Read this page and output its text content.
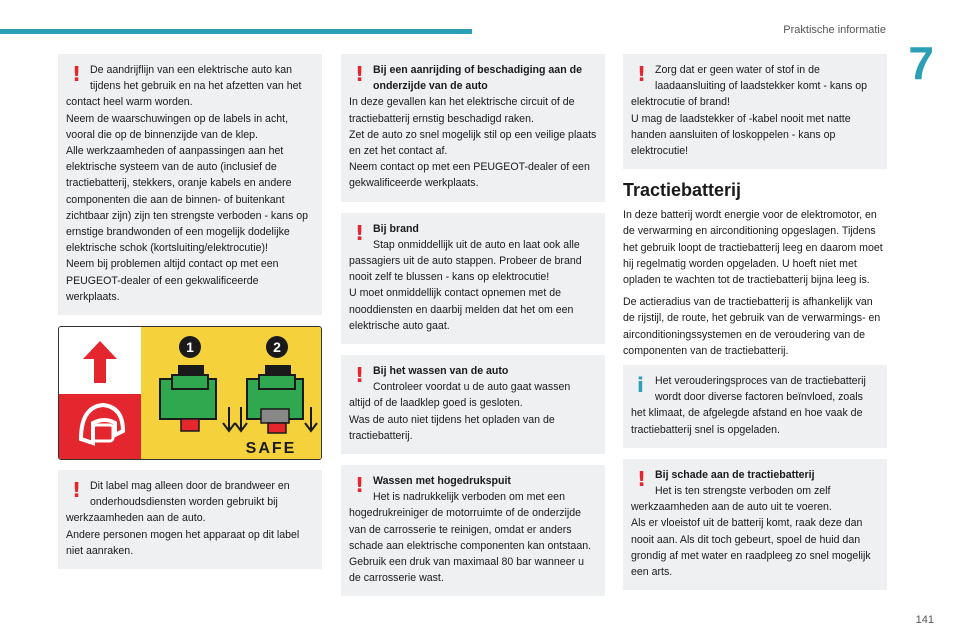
Praktische informatie
7
141
! De aandrijflijn van een elektrische auto kan tijdens het gebruik en na het afzetten van het

contact heel warm worden.

Neem de waarschuwingen op de labels in acht, vooral die op de binnenzijde van de klep.

Alle werkzaamheden of aanpassingen aan het elektrische systeem van de auto (inclusief de tractiebatterij, stekkers, oranje kabels en andere componenten die aan de binnen- of buitenkant zichtbaar zijn) zijn ten strengste verboden - kans op ernstige brandwonden of een mogelijk dodelijke elektrische schok (kortsluiting/elektrocutie)!

Neem bij problemen altijd contact op met een PEUGEOT-dealer of een gekwalificeerde werkplaats.

1	2
SAFE
! Dit label mag alleen door de brandweer en onderhoudsdiensten worden gebruikt bij

werkzaamheden aan de auto.

Andere personen mogen het apparaat op dit label niet aanraken.

! Bij een aanrijding of beschadiging aan de onderzijde van de auto

In deze gevallen kan het elektrische circuit of de tractiebatterij ernstig beschadigd raken.

Zet de auto zo snel mogelijk stil op een veilige plaats en zet het contact af.

Neem contact op met een PEUGEOT-dealer of een gekwalificeerde werkplaats.

! Bij brand

Stap onmiddellijk uit de auto en laat ook alle

passagiers uit de auto stappen. Probeer de brand nooit zelf te blussen - kans op elektrocutie!

U moet onmiddellijk contact opnemen met de nooddiensten en daarbij melden dat het om een elektrische auto gaat.

! Bij het wassen van de auto

Controleer voordat u de auto gaat wassen

altijd of de laadklep goed is gesloten.

Was de auto niet tijdens het opladen van de tractiebatterij.

! Wassen met hogedrukspuit

Het is nadrukkelijk verboden om met een

hogedrukreiniger de motorruimte of de onderzijde van de carrosserie te reinigen, omdat er anders schade aan elektrische componenten kan ontstaan.

Gebruik een druk van maximaal 80 bar wanneer u de carrosserie wast.

! Zorg dat er geen water of stof in de laadaansluiting of laadstekker komt - kans op

elektrocutie of brand!

U mag de laadstekker of -kabel nooit met natte handen aansluiten of loskoppelen - kans op elektrocutie!

Tractiebatterij

In deze batterij wordt energie voor de elektromotor, en de verwarming en airconditioning opgeslagen. Tijdens het gebruik loopt de tractiebatterij leeg en daarom moet hij regelmatig worden opgeladen. U hoeft niet met opladen te wachten tot de tractiebatterij bijna leeg is.

De actieradius van de tractiebatterij is afhankelijk van de rijstijl, de route, het gebruik van de verwarmings- en airconditioningssystemen en de veroudering van de componenten van de tractiebatterij.

i	Het verouderingsproces van de tractiebatterij wordt door diverse factoren beïnvloed, zoals

het klimaat, de afgelegde afstand en hoe vaak de tractiebatterij snel is opgeladen.

! Bij schade aan de tractiebatterij

Het is ten strengste verboden om zelf

werkzaamheden aan de auto uit te voeren.

Als er vloeistof uit de batterij komt, raak deze dan nooit aan. Als dit toch gebeurt, spoel de huid dan grondig af met water en raadpleeg zo snel mogelijk een arts.
